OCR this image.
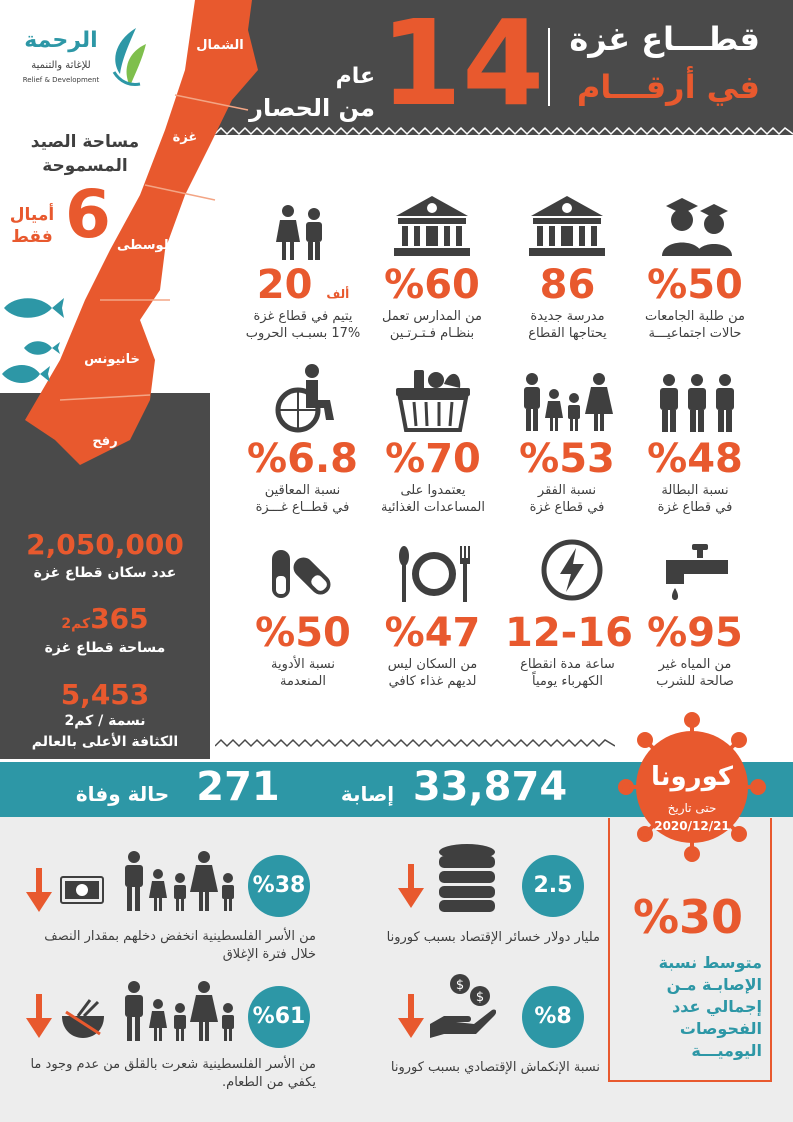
الرحمة
للإغاثة والتنمية
Relief & Development
قطـــاع غزة
في أرقـــام
14
عام
من الحصار
الشمال
غزة
الوسطى
خانيونس
رفح
مساحة الصيد المسموحة
6
أميال
فقط
2,050,000
عدد سكان قطاع غزة
365كم2
مساحة قطاع غزة
5,453
نسمة / كم2
الكثافة الأعلى بالعالم
%50
من طلبة الجامعات
حالات اجتماعيـــة
86
مدرسة جديدة
يحتاجها القطاع
%60
من المدارس تعمل
بنظـام فـتـرتـين
ألف 20
يتيم في قطاع غزة
17% بسبـب الحروب
%48
نسبة البطالة
في قطاع غزة
%53
نسبة الفقر
في قطاع غزة
%70
يعتمدوا على
المساعدات الغذائية
%6.8
نسبة المعاقين
في قطــاع غـــزة
%95
من المياه غير
صالحة للشرب
12-16
ساعة مدة انقطاع
الكهرباء يومياً
%47
من السكان ليس
لديهم غذاء كافي
%50
نسبة الأدوية
المنعدمة
33,874
إصابة
271
حالة وفاة
كورونا
حتى تاريخ
2020/12/21
%30
متوسط نسبة
الإصابـة مـن
إجمالي عدد
الفحوصات
اليوميـــة
2.5
مليار دولار خسائر الإقتصاد بسبب كورونا
%38
من الأسر الفلسطينية انخفض دخلهم بمقدار النصف خلال فترة الإغلاق
%8
$
$
نسبة الإنكماش الإقتصادي بسبب كورونا
%61
من الأسر الفلسطينية شعرت بالقلق من عدم وجود ما يكفي من الطعام.
